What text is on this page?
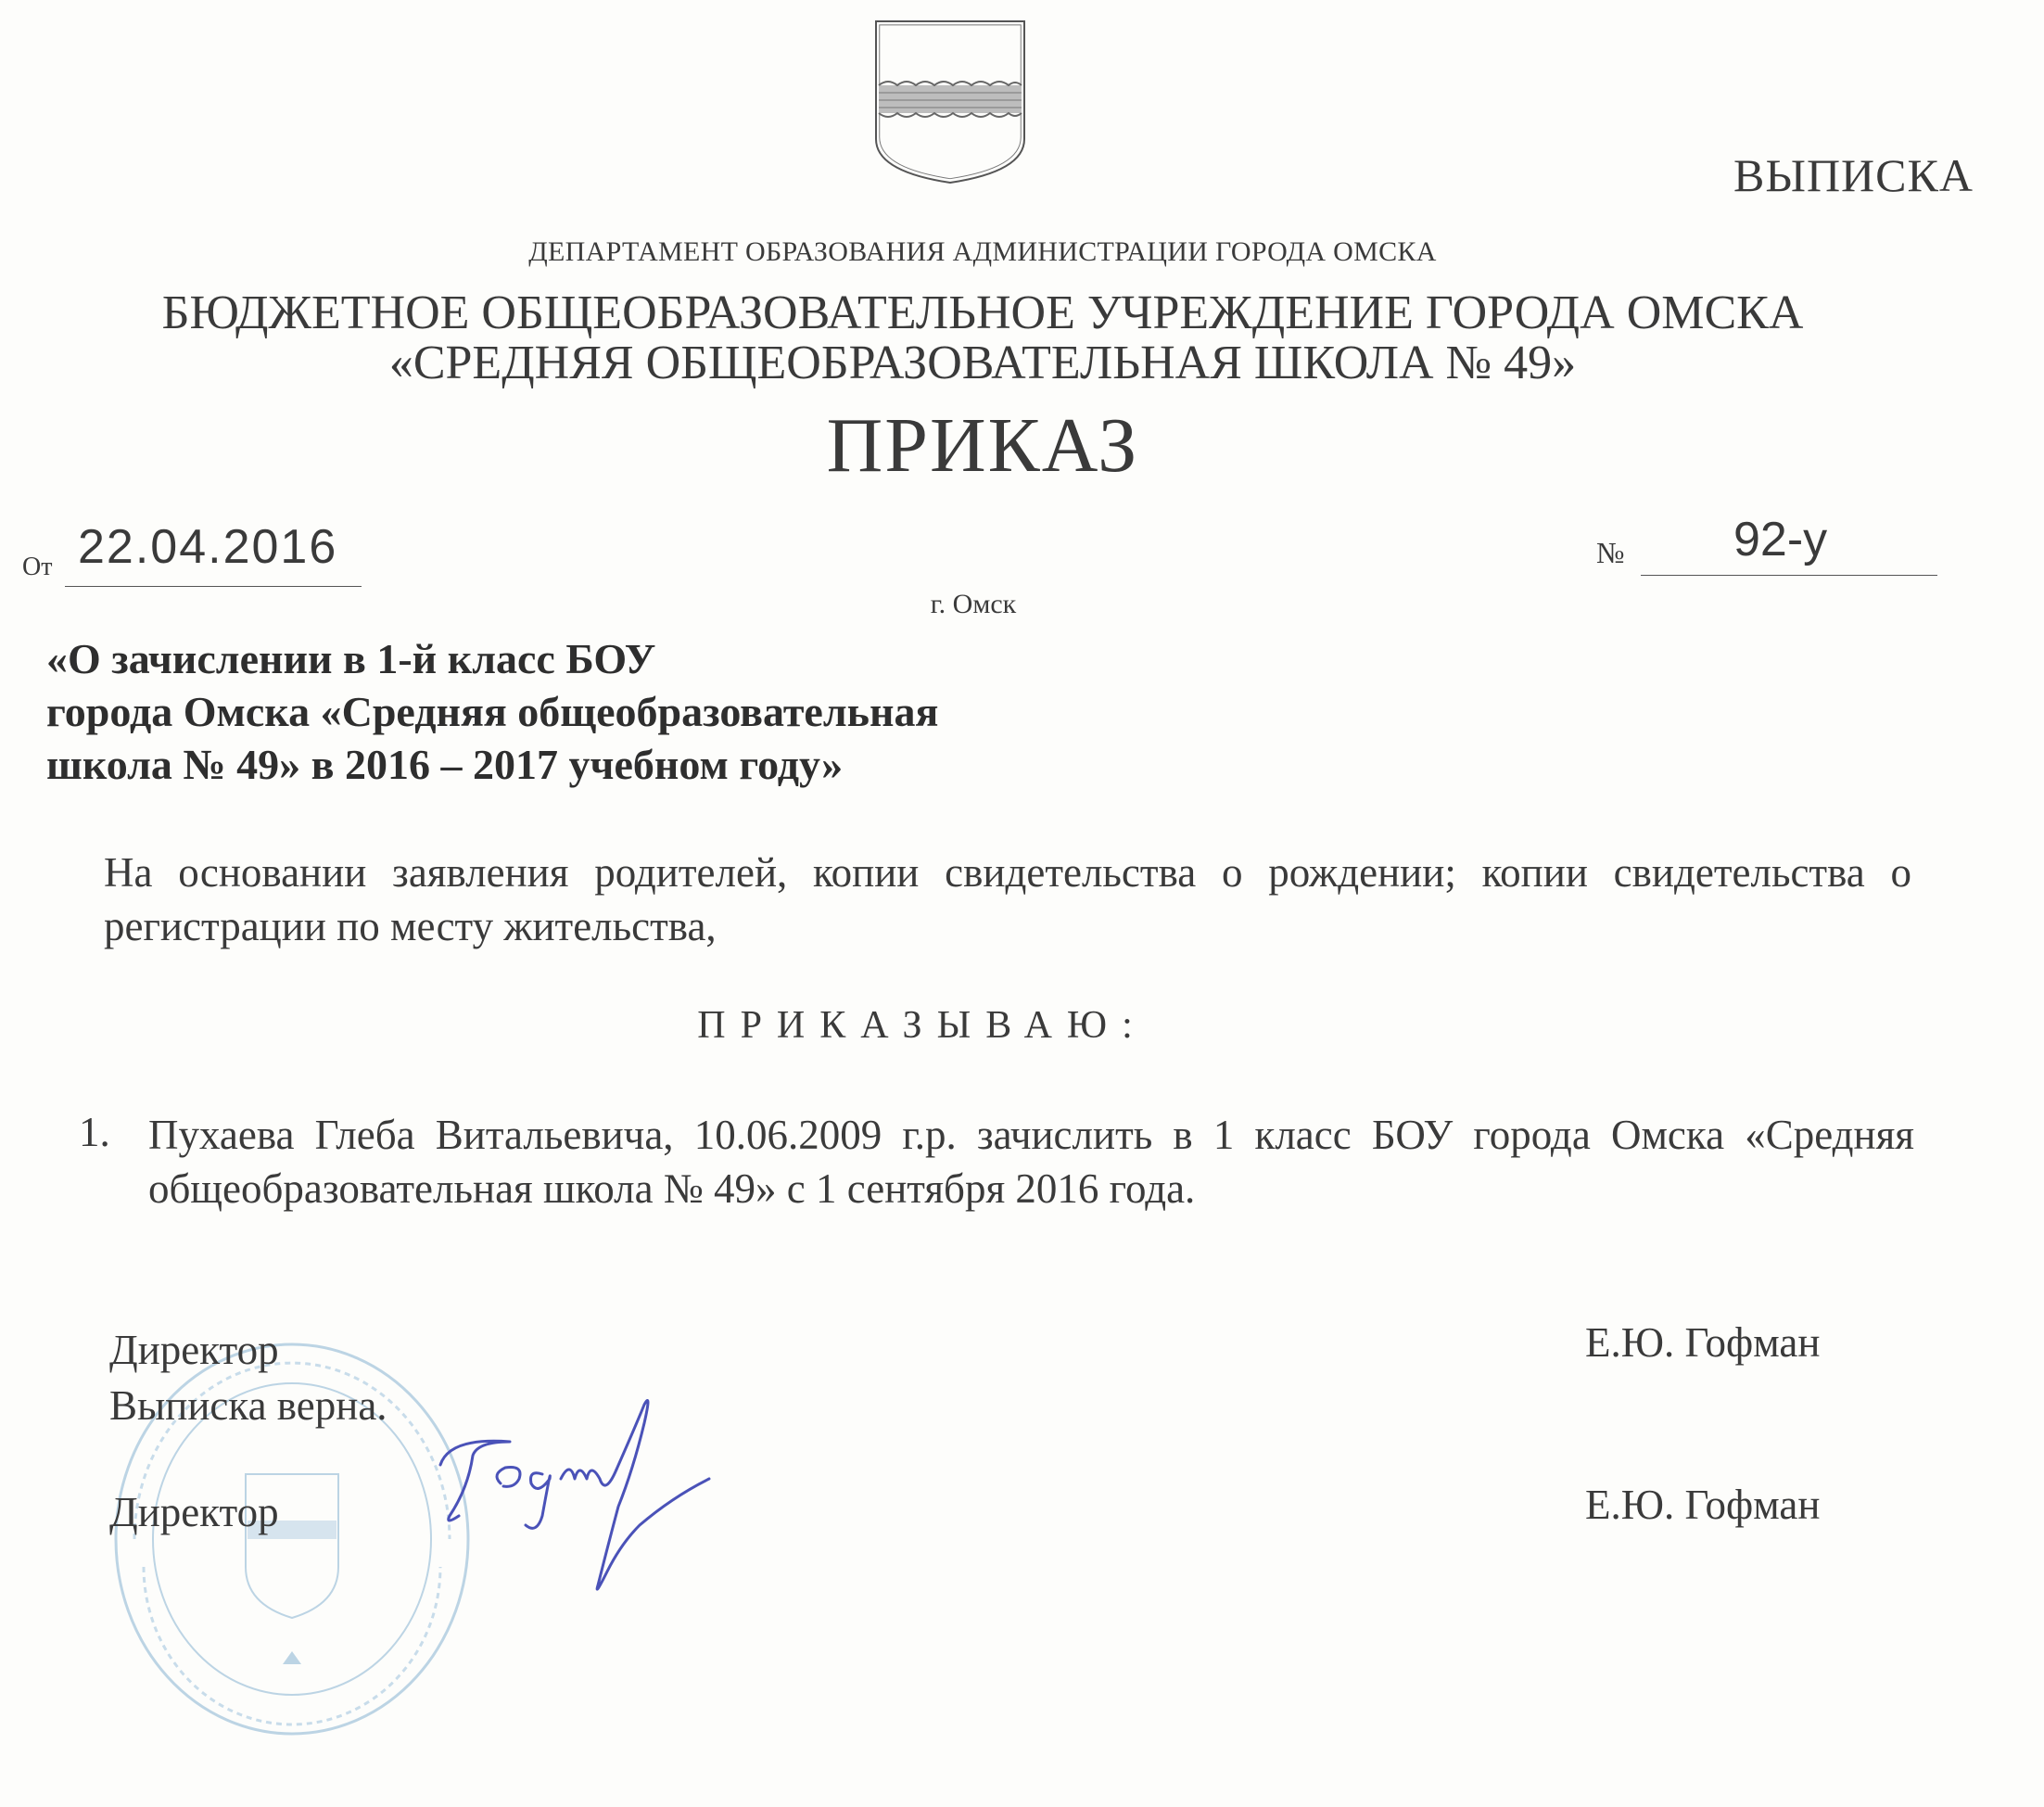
ВЫПИСКА
ДЕПАРТАМЕНТ ОБРАЗОВАНИЯ АДМИНИСТРАЦИИ ГОРОДА ОМСКА
БЮДЖЕТНОЕ ОБЩЕОБРАЗОВАТЕЛЬНОЕ УЧРЕЖДЕНИЕ ГОРОДА ОМСКА
«СРЕДНЯЯ ОБЩЕОБРАЗОВАТЕЛЬНАЯ ШКОЛА № 49»
ПРИКАЗ
От 22.04.2016	№ 92-у
г. Омск
«О зачислении в 1-й класс БОУ
города Омска «Средняя общеобразовательная
школа № 49» в 2016 – 2017 учебном году»
На основании заявления родителей, копии свидетельства о рождении; копии свидетельства о регистрации по месту жительства,
ПРИКАЗЫВАЮ:
1. Пухаева Глеба Витальевича, 10.06.2009 г.р. зачислить в 1 класс БОУ города Омска «Средняя общеобразовательная школа № 49» с 1 сентября 2016 года.
Директор
Выписка верна.
Директор
Е.Ю. Гофман
Е.Ю. Гофман
